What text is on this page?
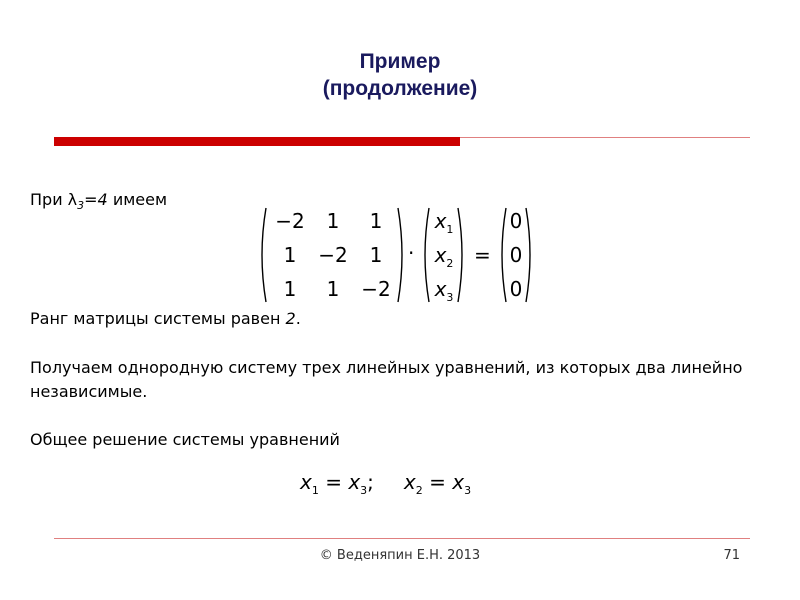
Пример
(продолжение)
При $\lambda_3=4$ имеем
−2	1	1
1	−2	1
1	1	−2
·
$x_1$
$x_2$
$x_3$
=
0
0
0
Ранг матрицы системы равен 2.
Получаем однородную систему трех линейных уравнений, из которых два линейно независимые.
Общее решение системы уравнений
$x_1 = x_3$; $x_2 = x_3$
© Веденяпин Е.Н. 2013	71
